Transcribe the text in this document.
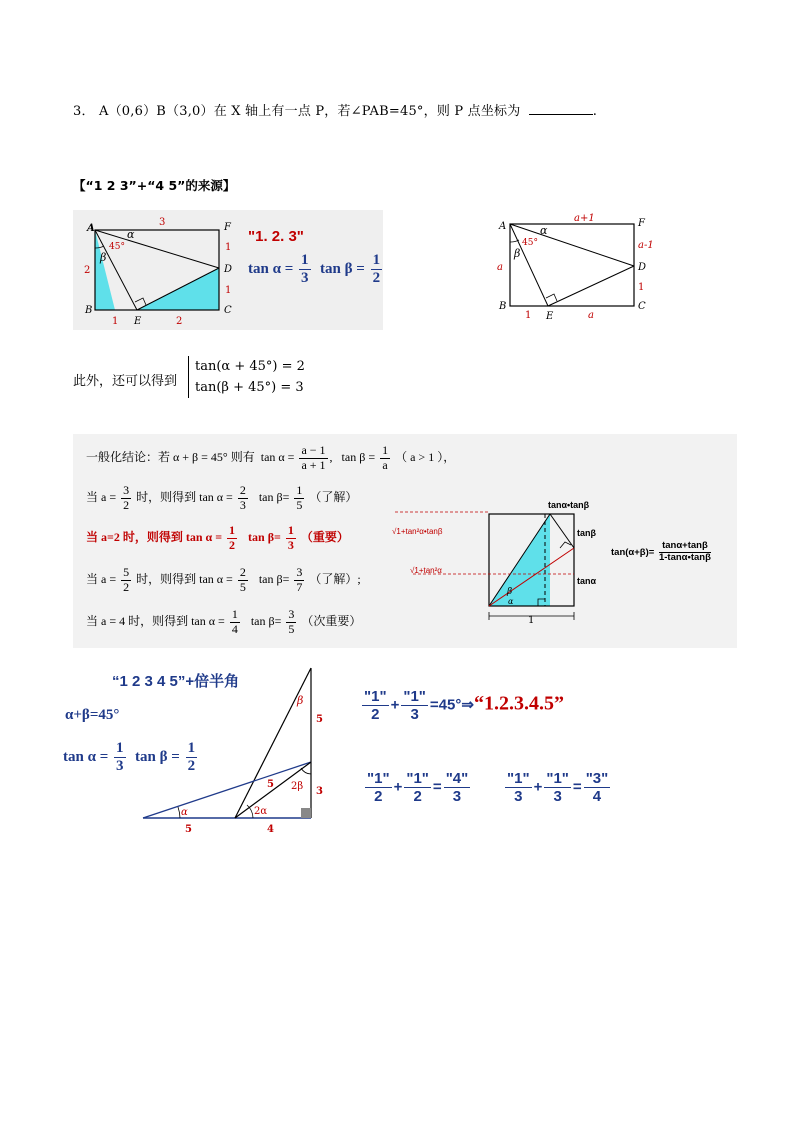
3． A（0,6）B（3,0）在 X 轴上有一点 P，若∠PAB=45°，则 P 点坐标为	.
【“1 2 3”+“4 5”的来源】
A	F
D
B
E
C
3
2
1
1
1	2
45°
α
β
"1. 2. 3"
$\tan \alpha = \frac{1}{3}$ $\tan \beta = \frac{1}{2}$
A	F
D
B
E
C
a+1
a
a-1
1
1	a
45°
α
β
此外，还可以得到
tan(α + 45°) = 2
tan(β + 45°) = 3
一般化结论：若 α + β = 45° 则有 $\tan \alpha = \frac{a - 1}{a + 1}$ ,   $\tan \beta = \frac{1}{a}$ （ a > 1 ），
当 $a = \frac{3}{2}$ 时，则得到 $\tan \alpha = \frac{2}{3}$ $\tan \beta= \frac{1}{5}$ （了解）
当 a=2 时，则得到 $\tan \alpha = \frac{1}{2}$ $\tan \beta= \frac{1}{3}$ （重要）
当 $a = \frac{5}{2}$ 时，则得到 $\tan \alpha = \frac{2}{5}$ $\tan \beta= \frac{3}{7}$ （了解）;
当 a = 4 时，则得到 $\tan \alpha = \frac{1}{4}$ $\tan \beta= \frac{3}{5}$ （次重要）	1
α
β
tanα•tanβ
tanβ
tanα
√1+tan²α•tanβ
√1+tan²α
$\tan(\alpha+\beta)= \frac{\tan\alpha+\tan\beta}{1-\tan\alpha•\tan\beta}$
“1 2 3 4 5”+倍半角
α+β=45°
$\tan \alpha = \frac{1}{3}$ $\tan \beta = \frac{1}{2}$
5
β
5 2β 3
α	2α
5	4
$\frac{"1"}{2} + \frac{"1"}{3}$ =45°⇒“1.2.3.4.5”
$\frac{"1"}{2} + \frac{"1"}{2} = \frac{"4"}{3} \frac{"1"}{3} + \frac{"1"}{3} = \frac{"3"}{4}$
